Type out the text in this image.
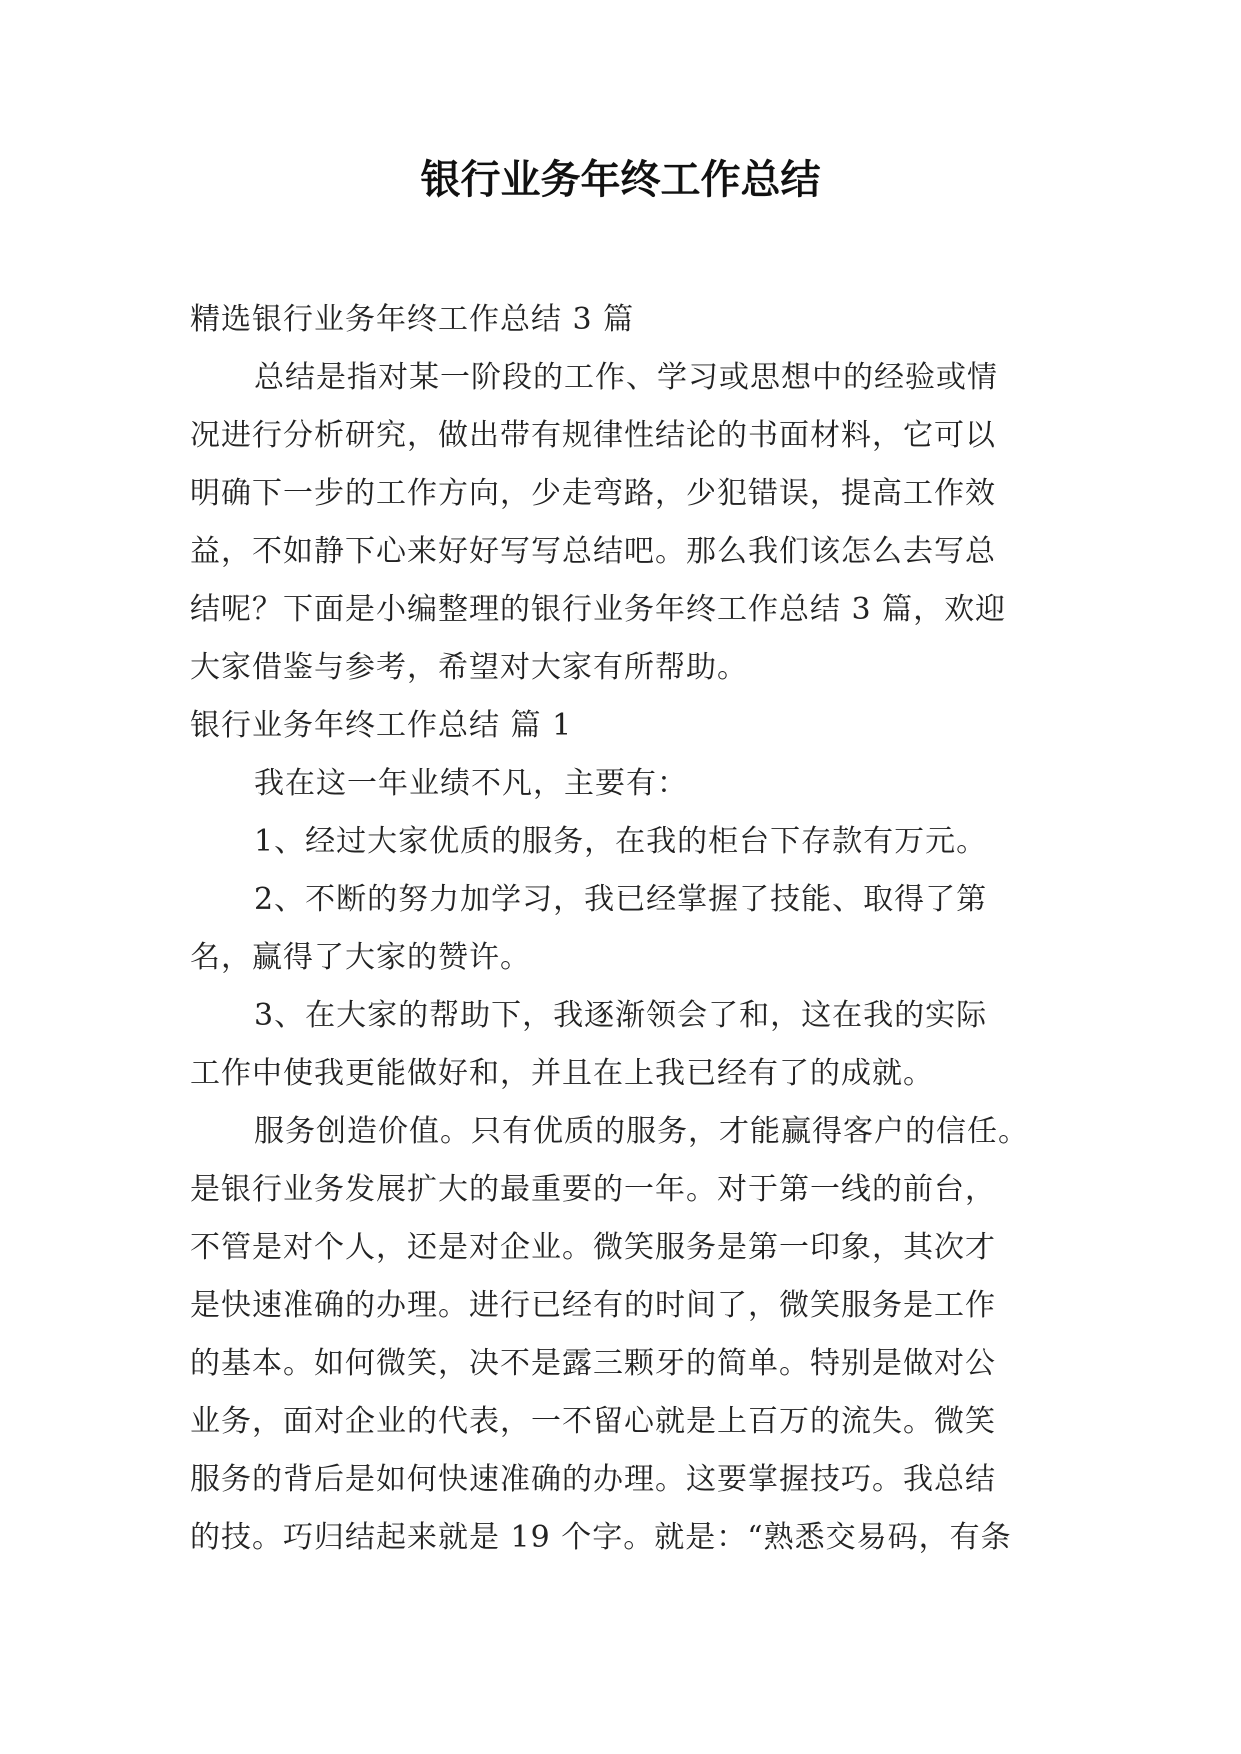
银行业务年终工作总结
精选银行业务年终工作总结 3 篇
总结是指对某一阶段的工作、学习或思想中的经验或情
况进行分析研究，做出带有规律性结论的书面材料，它可以
明确下一步的工作方向，少走弯路，少犯错误，提高工作效
益，不如静下心来好好写写总结吧。那么我们该怎么去写总
结呢？下面是小编整理的银行业务年终工作总结 3 篇，欢迎
大家借鉴与参考，希望对大家有所帮助。
银行业务年终工作总结 篇 1
我在这一年业绩不凡，主要有：
1、经过大家优质的服务，在我的柜台下存款有万元。
2、不断的努力加学习，我已经掌握了技能、取得了第
名，赢得了大家的赞许。
3、在大家的帮助下，我逐渐领会了和，这在我的实际
工作中使我更能做好和，并且在上我已经有了的成就。
服务创造价值。只有优质的服务，才能赢得客户的信任。
是银行业务发展扩大的最重要的一年。对于第一线的前台，
不管是对个人，还是对企业。微笑服务是第一印象，其次才
是快速准确的办理。进行已经有的时间了，微笑服务是工作
的基本。如何微笑，决不是露三颗牙的简单。特别是做对公
业务，面对企业的代表，一不留心就是上百万的流失。微笑
服务的背后是如何快速准确的办理。这要掌握技巧。我总结
的技。巧归结起来就是 19 个字。就是：“熟悉交易码，有条
